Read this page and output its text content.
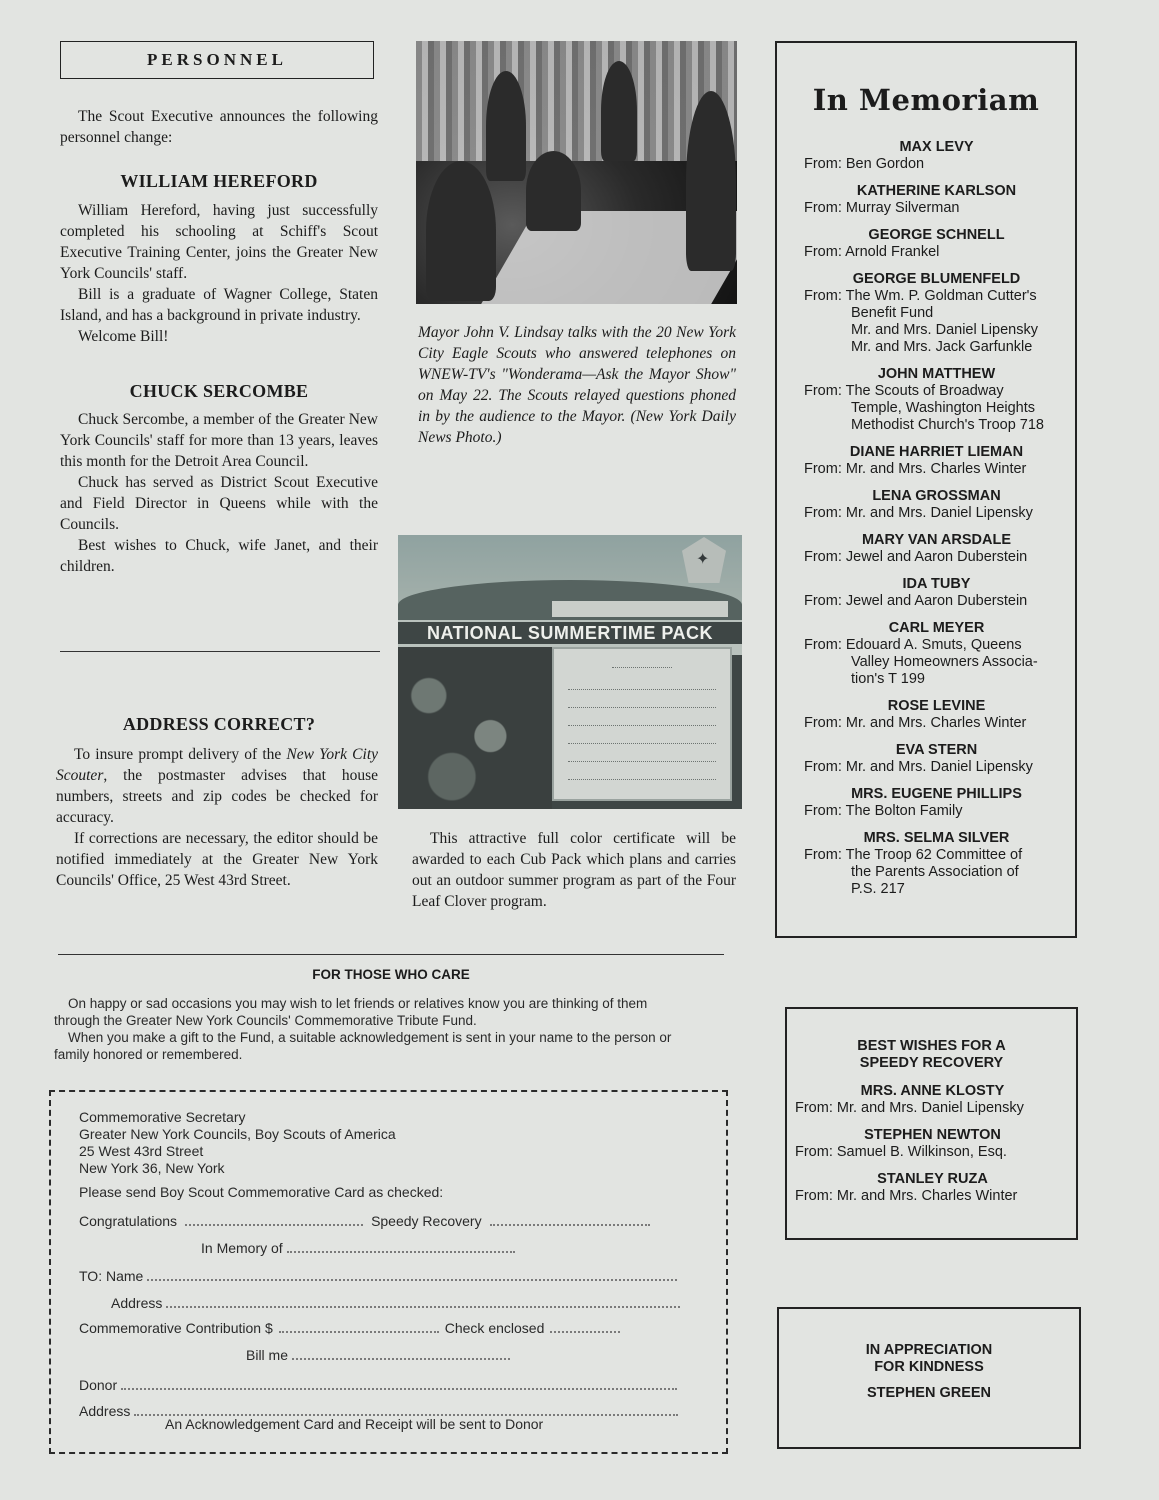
PERSONNEL

The Scout Executive announces the following personnel change:

WILLIAM HEREFORD

William Hereford, having just successfully completed his schooling at Schiff's Scout Executive Training Center, joins the Greater New York Councils' staff.

Bill is a graduate of Wagner College, Staten Island, and has a background in private industry.

Welcome Bill!

CHUCK SERCOMBE

Chuck Sercombe, a member of the Greater New York Councils' staff for more than 13 years, leaves this month for the Detroit Area Council.

Chuck has served as District Scout Executive and Field Director in Queens while with the Councils.

Best wishes to Chuck, wife Janet, and their children.

ADDRESS CORRECT?

To insure prompt delivery of the New York City Scouter, the postmaster advises that house numbers, streets and zip codes be checked for accuracy.

If corrections are necessary, the editor should be notified immediately at the Greater New York Councils' Office, 25 West 43rd Street.

Mayor John V. Lindsay talks with the 20 New York City Eagle Scouts who answered telephones on WNEW-TV's "Wonderama—Ask the Mayor Show" on May 22. The Scouts relayed questions phoned in by the audience to the Mayor. (New York Daily News Photo.)
✦
NATIONAL SUMMERTIME PACK

This attractive full color certificate will be awarded to each Cub Pack which plans and carries out an outdoor summer program as part of the Four Leaf Clover program.

In Memoriam
MAX LEVY
From: Ben Gordon
KATHERINE KARLSON
From: Murray Silverman
GEORGE SCHNELL
From: Arnold Frankel
GEORGE BLUMENFELD
From: The Wm. P. Goldman Cutter's
Benefit Fund
Mr. and Mrs. Daniel Lipensky
Mr. and Mrs. Jack Garfunkle
JOHN MATTHEW
From: The Scouts of Broadway
Temple, Washington Heights
Methodist Church's Troop 718
DIANE HARRIET LIEMAN
From: Mr. and Mrs. Charles Winter
LENA GROSSMAN
From: Mr. and Mrs. Daniel Lipensky
MARY VAN ARSDALE
From: Jewel and Aaron Duberstein
IDA TUBY
From: Jewel and Aaron Duberstein
CARL MEYER
From: Edouard A. Smuts, Queens
Valley Homeowners Associa-
tion's T 199
ROSE LEVINE
From: Mr. and Mrs. Charles Winter
EVA STERN
From: Mr. and Mrs. Daniel Lipensky
MRS. EUGENE PHILLIPS
From: The Bolton Family
MRS. SELMA SILVER
From: The Troop 62 Committee of
the Parents Association of
P.S. 217
BEST WISHES FOR A
SPEEDY RECOVERY
MRS. ANNE KLOSTY
From: Mr. and Mrs. Daniel Lipensky
STEPHEN NEWTON
From: Samuel B. Wilkinson, Esq.
STANLEY RUZA
From: Mr. and Mrs. Charles Winter
IN APPRECIATION
FOR KINDNESS
STEPHEN GREEN
FOR THOSE WHO CARE

On happy or sad occasions you may wish to let friends or relatives know you are thinking of them through the Greater New York Councils' Commemorative Tribute Fund.

When you make a gift to the Fund, a suitable acknowledgement is sent in your name to the person or family honored or remembered.

Commemorative Secretary
Greater New York Councils, Boy Scouts of America
25 West 43rd Street
New York 36, New York
Please send Boy Scout Commemorative Card as checked:
Congratulations	Speedy Recovery
In Memory of
TO: Name
Address
Commemorative Contribution $	Check enclosed
Bill me
Donor
Address
An Acknowledgement Card and Receipt will be sent to Donor
